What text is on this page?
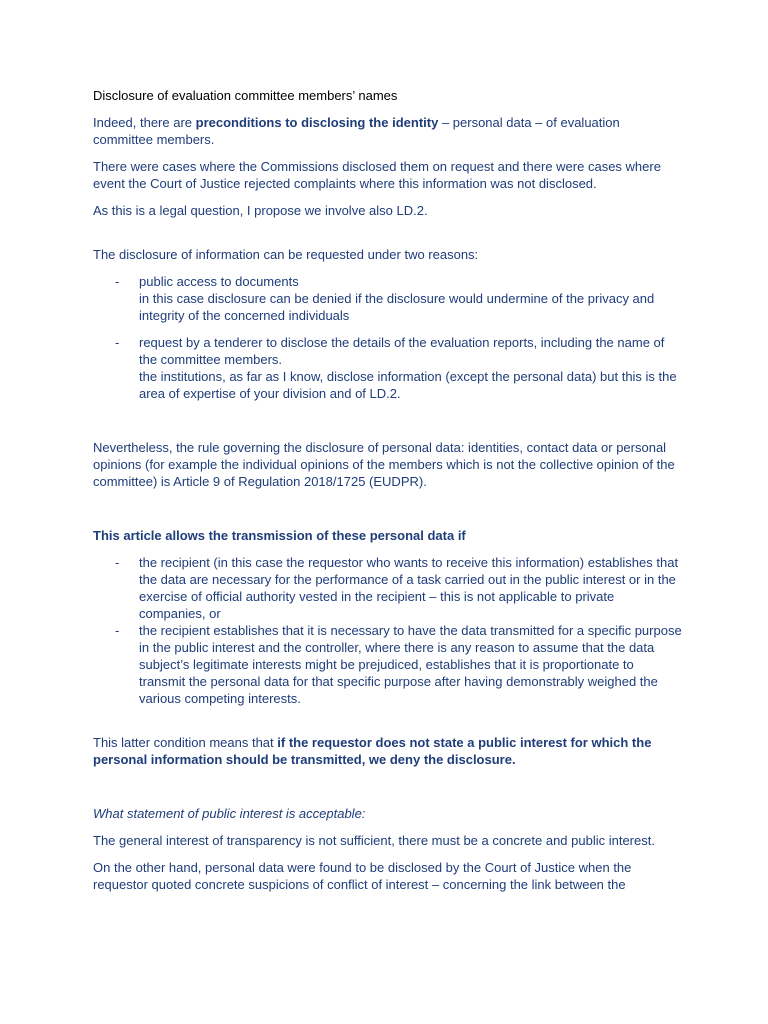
Disclosure of evaluation committee members’ names

Indeed, there are preconditions to disclosing the identity – personal data – of evaluation committee members.

There were cases where the Commissions disclosed them on request and there were cases where event the Court of Justice rejected complaints where this information was not disclosed.

As this is a legal question, I propose we involve also LD.2.

The disclosure of information can be requested under two reasons:

- public access to documents
in this case disclosure can be denied if the disclosure would undermine of the privacy and integrity of the concerned individuals
- request by a tenderer to disclose the details of the evaluation reports, including the name of the committee members.
the institutions, as far as I know, disclose information (except the personal data) but this is the area of expertise of your division and of LD.2.

Nevertheless, the rule governing the disclosure of personal data: identities, contact data or personal opinions (for example the individual opinions of the members which is not the collective opinion of the committee) is Article 9 of Regulation 2018/1725 (EUDPR).

This article allows the transmission of these personal data if

- the recipient (in this case the requestor who wants to receive this information) establishes that the data are necessary for the performance of a task carried out in the public interest or in the exercise of official authority vested in the recipient – this is not applicable to private companies, or
- the recipient establishes that it is necessary to have the data transmitted for a specific purpose in the public interest and the controller, where there is any reason to assume that the data subject’s legitimate interests might be prejudiced, establishes that it is proportionate to transmit the personal data for that specific purpose after having demonstrably weighed the various competing interests.

This latter condition means that if the requestor does not state a public interest for which the personal information should be transmitted, we deny the disclosure.

What statement of public interest is acceptable:

The general interest of transparency is not sufficient, there must be a concrete and public interest.

On the other hand, personal data were found to be disclosed by the Court of Justice when the requestor quoted concrete suspicions of conflict of interest – concerning the link between the
